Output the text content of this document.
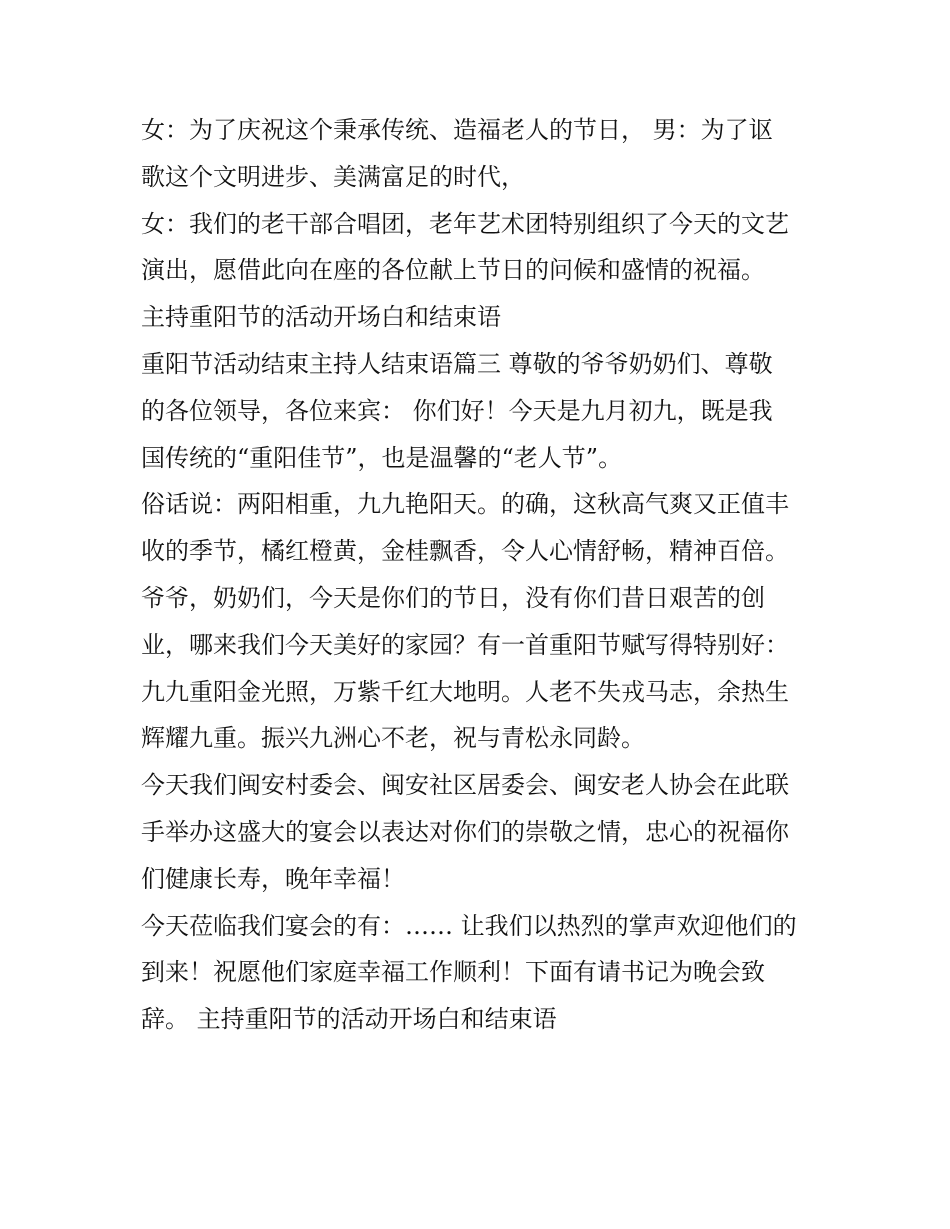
女：为了庆祝这个秉承传统、造福老人的节日， 男：为了讴
歌这个文明进步、美满富足的时代，
女：我们的老干部合唱团，老年艺术团特别组织了今天的文艺
演出，愿借此向在座的各位献上节日的问候和盛情的祝福。
主持重阳节的活动开场白和结束语
重阳节活动结束主持人结束语篇三 尊敬的爷爷奶奶们、尊敬
的各位领导，各位来宾： 你们好！今天是九月初九，既是我
国传统的“重阳佳节”，也是温馨的“老人节”。
俗话说：两阳相重，九九艳阳天。的确，这秋高气爽又正值丰
收的季节，橘红橙黄，金桂飘香，令人心情舒畅，精神百倍。
爷爷，奶奶们，今天是你们的节日，没有你们昔日艰苦的创
业，哪来我们今天美好的家园？有一首重阳节赋写得特别好：
九九重阳金光照，万紫千红大地明。人老不失戎马志，余热生
辉耀九重。振兴九洲心不老，祝与青松永同龄。
今天我们闽安村委会、闽安社区居委会、闽安老人协会在此联
手举办这盛大的宴会以表达对你们的崇敬之情，忠心的祝福你
们健康长寿，晚年幸福！
今天莅临我们宴会的有：…… 让我们以热烈的掌声欢迎他们的
到来！祝愿他们家庭幸福工作顺利！下面有请书记为晚会致
辞。 主持重阳节的活动开场白和结束语
